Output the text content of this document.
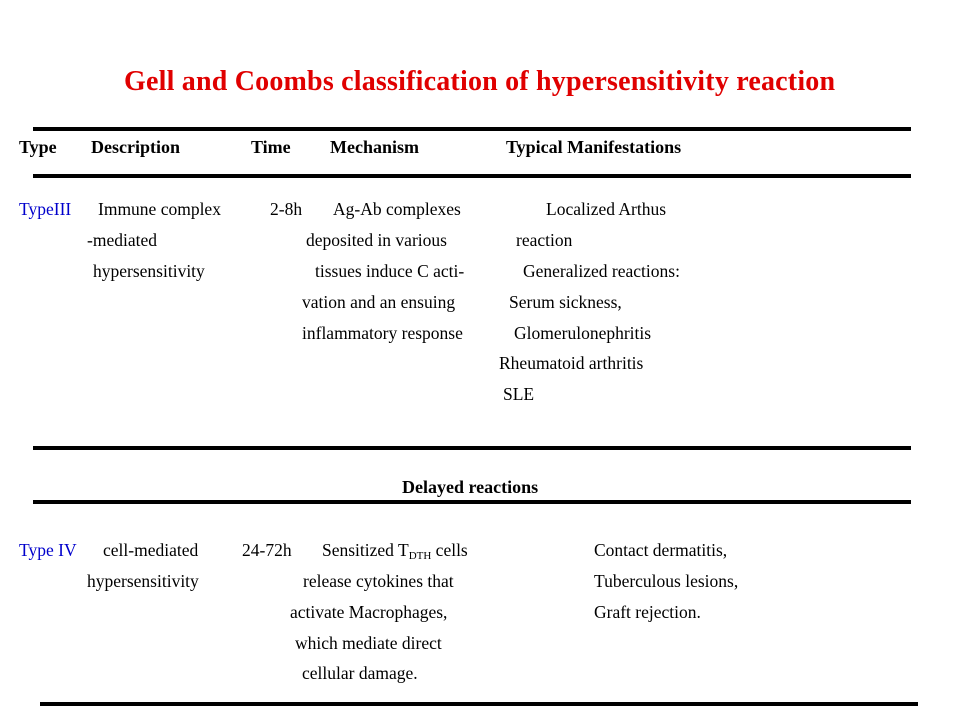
Gell and Coombs classification of hypersensitivity reaction
Type Description	Time Mechanism	Typical Manifestations
TypeIII Immune complex
-mediated
hypersensitivity
2-8h Ag-Ab complexes
deposited in various
tissues induce C acti-
vation and an ensuing
inflammatory response
Localized Arthus
reaction
Generalized reactions:
Serum sickness,
Glomerulonephritis
Rheumatoid arthritis
SLE
Delayed reactions
Type IV cell-mediated
hypersensitivity
24-72h Sensitized $T_{DTH}$ cells
release cytokines that
activate Macrophages,
which mediate direct
cellular damage.
Contact dermatitis,
Tuberculous lesions,
Graft rejection.
